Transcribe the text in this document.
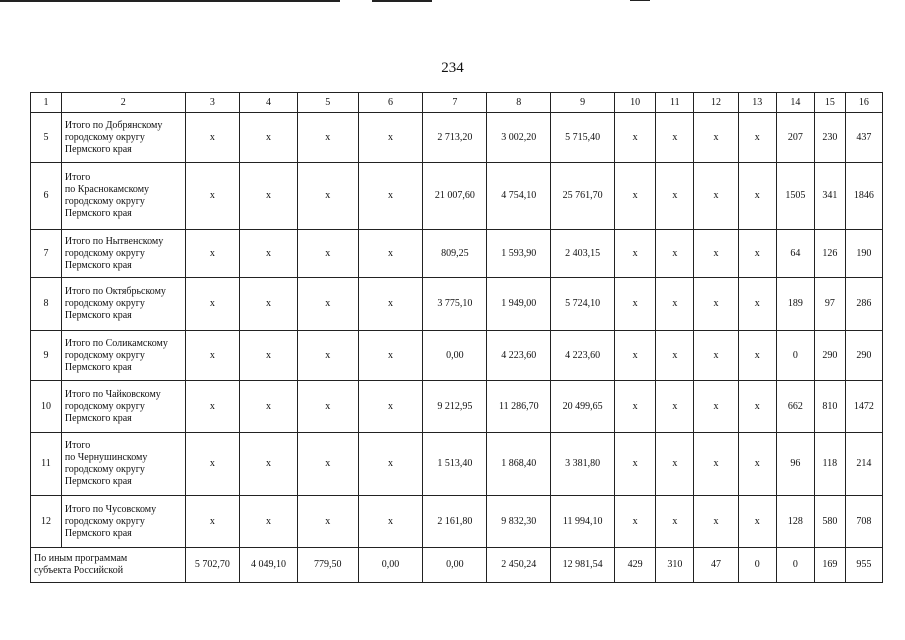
234
1	2	3	4	5	6	7	8	9	10	11	12	13	14	15	16
5	Итого по Добрянскому
городскому округу
Пермского края	x	x	x	x	2 713,20	3 002,20	5 715,40	x	x	x	x	207	230	437
6	Итого
по Краснокамскому
городскому округу
Пермского края	x	x	x	x	21 007,60	4 754,10	25 761,70	x	x	x	x	1505	341	1846
7	Итого по Нытвенскому
городскому округу
Пермского края	x	x	x	x	809,25	1 593,90	2 403,15	x	x	x	x	64	126	190
8	Итого по Октябрьскому
городскому округу
Пермского края	x	x	x	x	3 775,10	1 949,00	5 724,10	x	x	x	x	189	97	286
9	Итого по Соликамскому
городскому округу
Пермского края	x	x	x	x	0,00	4 223,60	4 223,60	x	x	x	x	0	290	290
10	Итого по Чайковскому
городскому округу
Пермского края	x	x	x	x	9 212,95	11 286,70	20 499,65	x	x	x	x	662	810	1472
11	Итого
по Чернушинскому
городскому округу
Пермского края	x	x	x	x	1 513,40	1 868,40	3 381,80	x	x	x	x	96	118	214
12	Итого по Чусовскому
городскому округу
Пермского края	x	x	x	x	2 161,80	9 832,30	11 994,10	x	x	x	x	128	580	708
По иным программам
субъекта Российской		5 702,70	4 049,10	779,50	0,00	0,00	2 450,24	12 981,54	429	310	47	0	0	169	955
